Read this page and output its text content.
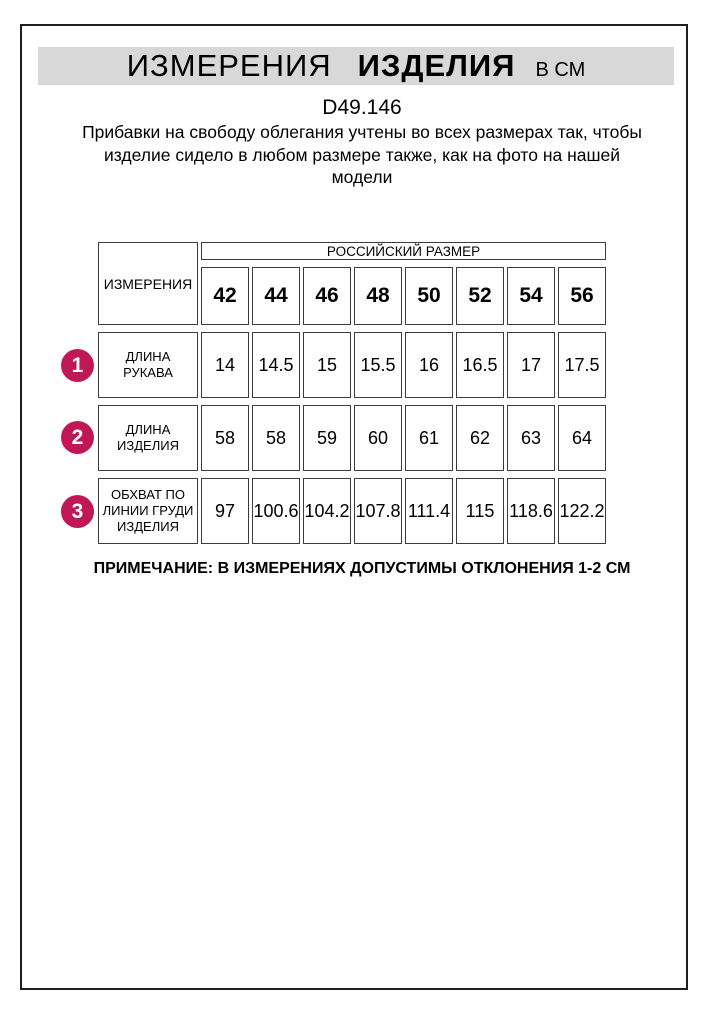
ИЗМЕРЕНИЯ ИЗДЕЛИЯ В СМ
D49.146
Прибавки на свободу облегания учтены во всех размерах так, чтобы
изделие сидело в любом размере также, как на фото на нашей
модели
ИЗМЕРЕНИЯ	РОССИЙСКИЙ РАЗМЕР							
	42	44	46	48	50	52	54	56
ДЛИНА РУКАВА	14	14.5	15	15.5	16	16.5	17	17.5
ДЛИНА ИЗДЕЛИЯ	58	58	59	60	61	62	63	64
ОБХВАТ ПО ЛИНИИ ГРУДИ ИЗДЕЛИЯ	97	100.6	104.2	107.8	111.4	115	118.6	122.2
1
2
3
ПРИМЕЧАНИЕ: В ИЗМЕРЕНИЯХ ДОПУСТИМЫ ОТКЛОНЕНИЯ 1-2 СМ
